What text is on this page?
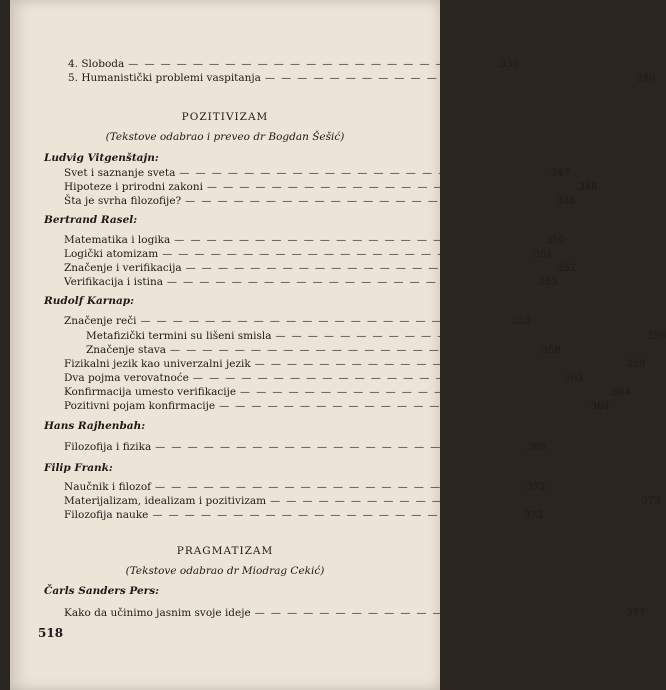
4. Sloboda — — — — — — — — — — — — — — — — — — — — — — — 335
5. Humanistički problemi vaspitanja — — — — — — — — — — — — — — — — — — — — — — — 340
POZITIVIZAM
(Tekstove odabrao i preveo dr Bogdan Šešić)
Ludvig Vitgenštajn:
Svet i saznanje sveta — — — — — — — — — — — — — — — — — — — — — — — 347
Hipoteze i prirodni zakoni — — — — — — — — — — — — — — — — — — — — — — — 348
Šta je svrha filozofije? — — — — — — — — — — — — — — — — — — — — — — — 348
Bertrand Rasel:
Matematika i logika — — — — — — — — — — — — — — — — — — — — — — — 350
Logički atomizam — — — — — — — — — — — — — — — — — — — — — — — 351
Značenje i verifikacija — — — — — — — — — — — — — — — — — — — — — — — 352
Verifikacija i istina — — — — — — — — — — — — — — — — — — — — — — — 353
Rudolf Karnap:
Značenje reči — — — — — — — — — — — — — — — — — — — — — — — 353
Metafizički termini su lišeni smisla — — — — — — — — — — — — — — — — — — — — — — — 356
Značenje stava — — — — — — — — — — — — — — — — — — — — — — — 358
Fizikalni jezik kao univerzalni jezik — — — — — — — — — — — — — — — — — — — — — — — 359
Dva pojma verovatnoće — — — — — — — — — — — — — — — — — — — — — — — 363
Konfirmacija umesto verifikacije — — — — — — — — — — — — — — — — — — — — — — — 364
Pozitivni pojam konfirmacije — — — — — — — — — — — — — — — — — — — — — — — 364
Hans Rajhenbah:
Filozofija i fizika — — — — — — — — — — — — — — — — — — — — — — — 365
Filip Frank:
Naučnik i filozof — — — — — — — — — — — — — — — — — — — — — — — 372
Materijalizam, idealizam i pozitivizam — — — — — — — — — — — — — — — — — — — — — — — 373
Filozofija nauke — — — — — — — — — — — — — — — — — — — — — — — 373
PRAGMATIZAM
(Tekstove odabrao dr Miodrag Cekić)
Čarls Sanders Pers:
Kako da učinimo jasnim svoje ideje — — — — — — — — — — — — — — — — — — — — — — — 377
518
